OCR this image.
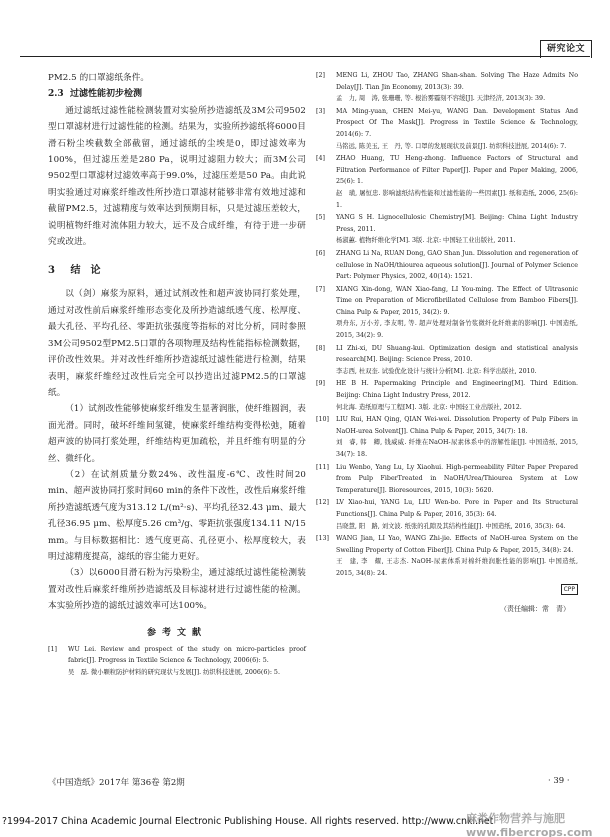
研究论文
PM2.5 的口罩滤纸条件。
2.3 过滤性能初步检测
通过滤纸过滤性能检测装置对实验所抄造滤纸及3M公司9502型口罩滤材进行过滤性能的检测。结果为，实验所抄滤纸将6000目滑石粉尘埃截数全部截留，通过滤纸的尘埃是0，即过滤效率为100%，但过滤压差是280 Pa，说明过滤阻力较大；而3M公司9502型口罩滤材过滤效率高于99.0%，过滤压差是50 Pa。由此说明实验通过对麻浆纤维改性所抄造口罩滤材能够非常有效地过滤和截留PM2.5，过滤精度与效率达到预期目标，只是过滤压差较大，说明植物纤维对流体阻力较大，远不及合成纤维，有待于进一步研究或改进。
3 结　论
以（剑）麻浆为原料，通过试剂改性和超声波协同打浆处理，通过对改性前后麻浆纤维形态变化及所抄造滤纸透气度、松厚度、最大孔径、平均孔径、零距抗张强度等指标的对比分析，同时参照3M公司9502型PM2.5口罩的各项物理及结构性能指标检测数据，评价改性效果。并对改性纤维所抄造滤纸过滤性能进行检测，结果表明，麻浆纤维经过改性后完全可以抄造出过滤PM2.5的口罩滤纸。
（1）试剂改性能够使麻浆纤维发生显著润胀，使纤维圆润，表面光滑。同时，破坏纤维间氢键，使麻浆纤维结构变得松弛，随着超声波的协同打浆处理，纤维结构更加疏松，并且纤维有明显的分丝、微纤化。
（2）在试剂质量分数24%、改性温度-6℃、改性时间20 min、超声波协同打浆时间60 min的条件下改性，改性后麻浆纤维所抄造滤纸透气度为313.12 L/(m²·s)、平均孔径32.43 μm、最大孔径36.95 μm、松厚度5.26 cm³/g、零距抗张强度134.11 N/15 mm。与目标数据相比：透气度更高、孔径更小、松厚度较大，表明过滤精度提高，滤纸的容尘能力更好。
（3）以6000目滑石粉为污染粉尘，通过滤纸过滤性能检测装置对改性后麻浆纤维所抄造滤纸及目标滤材进行过滤性能的检测。本实验所抄造的滤纸过滤效率可达100%。
参考文献
[1]	WU Lei. Review and prospect of the study on micro-particles proof fabric[J]. Progress in Textile Science & Technology, 2006(6): 5.
吴　磊. 微小颗粒防护材料的研究现状与发展[J]. 纺织科技进展, 2006(6): 5.
[2]	MENG Li, ZHOU Tao, ZHANG Shan-shan. Solving The Haze Admits No Delay[J]. Tian Jin Economy, 2013(3): 39.
孟　力, 周　涛, 张珊珊, 等. 根治雾霾刻不容缓[J]. 天津经济, 2013(3): 39.
[3]	MA Ming-yuan, CHEN Mei-yu, WANG Dan. Development Status And Prospect Of The Mask[J]. Progress in Textile Science & Technology, 2014(6): 7.
马铭远, 陈美玉, 王　丹, 等. 口罩的发展现状及前景[J]. 纺织科技进展, 2014(6): 7.
[4]	ZHAO Huang, TU Heng-zhong. Influence Factors of Structural and Filtration Performance of Filter Paper[J]. Paper and Paper Making, 2006, 25(6): 1.
赵　璜, 屠恒忠. 影响滤纸结构性能和过滤性能的一些因素[J]. 纸和造纸, 2006, 25(6): 1.
[5]	YANG S H. Lignocellulosic Chemistry[M]. Beijing: China Light Industry Press, 2011.
杨淑蕙. 植物纤维化学[M]. 3版. 北京: 中国轻工业出版社, 2011.
[6]	ZHANG Li Na, RUAN Dong, GAO Shan Jun. Dissolution and regeneration of cellulose in NaOH/thiourea aqueous solution[J]. Journal of Polymer Science Part: Polymer Physics, 2002, 40(14): 1521.
[7]	XIANG Xin-dong, WAN Xiao-fang, LI You-ming. The Effect of Ultrasonic Time on Preparation of Microfibrillated Cellulose from Bamboo Fibers[J]. China Pulp & Paper, 2015, 34(2): 9.
项舟东, 万小芳, 李友明, 等. 超声处理对制备竹浆微纤化纤维素的影响[J]. 中国造纸, 2015, 34(2): 9.
[8]	LI Zhi-xi, DU Shuang-kui. Optimization design and statistical analysis research[M]. Beijing: Science Press, 2010.
李志西, 杜双奎. 试验优化设计与统计分析[M]. 北京: 科学出版社, 2010.
[9]	HE B H. Papermaking Principle and Engineering[M]. Third Edition. Beijing: China Light Industry Press, 2012.
何北海. 造纸原理与工程[M]. 3版. 北京: 中国轻工业出版社, 2012.
[10]	LIU Rui, HAN Qing, QIAN Wei-wei. Dissolution Property of Pulp Fibers in NaOH-urea Solvent[J]. China Pulp & Paper, 2015, 34(7): 18.
刘　睿, 韩　卿, 钱威威. 纤维在NaOH-尿素体系中的溶解性能[J]. 中国造纸, 2015, 34(7): 18.
[11]	Liu Wenbo, Yang Lu, Ly Xiaohui. High-permeability Filter Paper Prepared from Pulp FiberTreated in NaOH/Urea/Thiourea System at Low Temperature[J]. Bioresources, 2015, 10(3): 5620.
[12]	LV Xiao-hui, YANG Lu, LIU Wen-bo. Pore in Paper and Its Structural Functions[J]. China Pulp & Paper, 2016, 35(3): 64.
吕晓慧, 阳　路, 刘文波. 纸张的孔隙及其结构性能[J]. 中国造纸, 2016, 35(3): 64.
[13]	WANG Jian, LI Yao, WANG Zhi-jie. Effects of NaOH-urea System on the Swelling Property of Cotton Fiber[J]. China Pulp & Paper, 2015, 34(8): 24.
王　建, 李　耀, 王志杰. NaOH-尿素体系对棉纤维润胀性能的影响[J]. 中国造纸, 2015, 34(8): 24.
CPP
（责任编辑：常　青）
《中国造纸》2017年 第36卷 第2期	· 39 ·
?1994-2017 China Academic Journal Electronic Publishing House. All rights reserved. http://www.cnki.net
麻类作物营养与施肥 www.fibercrops.com
